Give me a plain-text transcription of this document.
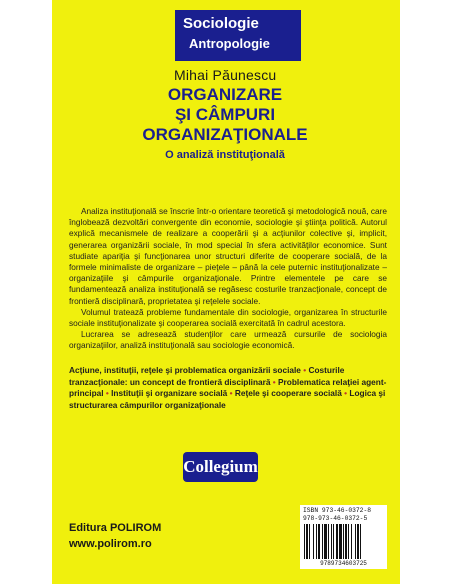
Sociologie
Antropologie
Mihai Păunescu
ORGANIZARE
ŞI CÂMPURI
ORGANIZAŢIONALE
O analiză instituţională

Analiza instituţională se înscrie într-o orientare teoretică şi metodologică nouă, care înglobează dezvoltări convergente din economie, sociologie şi ştiinţa politică. Autorul explică mecanismele de realizare a cooperării şi a acţiunilor colective şi, implicit, generarea organizării sociale, în mod special în sfera activităţilor economice. Sunt studiate apariţia şi funcţionarea unor structuri diferite de cooperare socială, de la formele minimaliste de organizare – pieţele – până la cele puternic instituţionalizate – organizaţiile şi câmpurile organizaţionale. Printre elementele pe care se fundamentează analiza instituţională se regăsesc costurile tranzacţionale, concept de frontieră disciplinară, proprietatea şi reţelele sociale.

Volumul tratează probleme fundamentale din sociologie, organizarea în structurile sociale instituţionalizate şi cooperarea socială exercitată în cadrul acestora.

Lucrarea se adresează studenţilor care urmează cursurile de sociologia organizaţiilor, analiză instituţională sau sociologie economică.

Acţiune, instituţii, reţele şi problematica organizării sociale • Costurile tranzacţionale: un concept de frontieră disciplinară • Problematica relaţiei agent-principal • Instituţii şi organizare socială • Reţele şi cooperare socială • Logica şi structurarea câmpurilor organizaţionale
Collegium
Editura POLIROM
www.polirom.ro
ISBN 973-46-0372-8
978-973-46-0372-5
9789734603725
